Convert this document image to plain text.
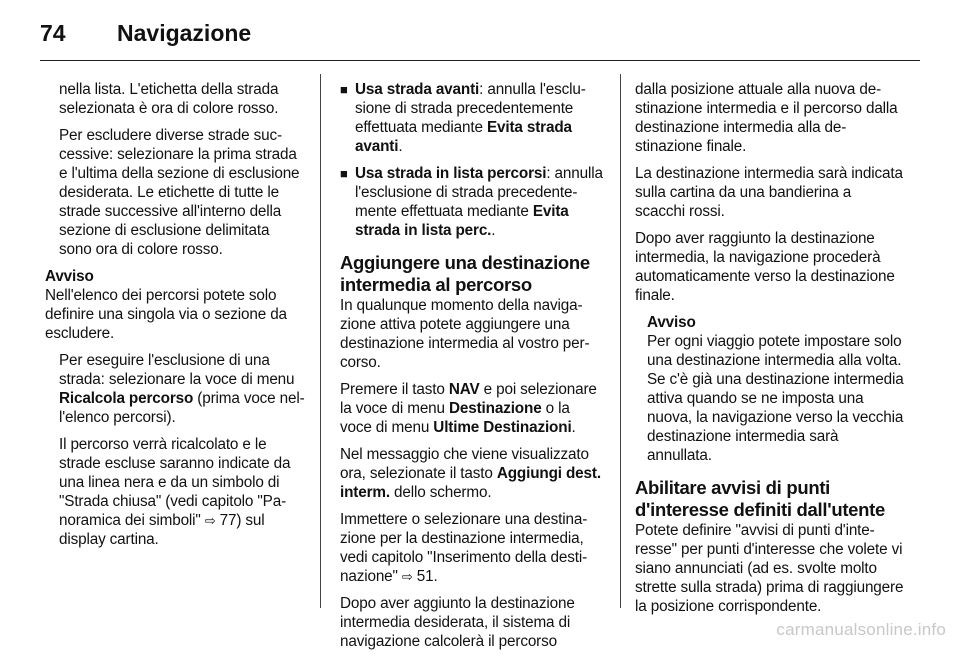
74 Navigazione

nella lista. L'etichetta della strada selezionata è ora di colore rosso.

Per escludere diverse strade successive: selezionare la prima strada e l'ultima della sezione di esclusione desiderata. Le etichette di tutte le strade successive all'interno della sezione di esclusione delimitata sono ora di colore rosso.

Avviso

Nell'elenco dei percorsi potete solo definire una singola via o sezione da escludere.

Per eseguire l'esclusione di una strada: selezionare la voce di menu Ricalcola percorso (prima voce nell'elenco percorsi).

Il percorso verrà ricalcolato e le strade escluse saranno indicate da una linea nera e da un simbolo di "Strada chiusa" (vedi capitolo "Panoramica dei simboli" ⇨ 77) sul display cartina.

■ Usa strada avanti: annulla l'esclusione di strada precedentemente effettuata mediante Evita strada avanti.

■ Usa strada in lista percorsi: annulla l'esclusione di strada precedentemente effettuata mediante Evita strada in lista perc..

Aggiungere una destinazione intermedia al percorso

In qualunque momento della navigazione attiva potete aggiungere una destinazione intermedia al vostro percorso.

Premere il tasto NAV e poi selezionare la voce di menu Destinazione o la voce di menu Ultime Destinazioni.

Nel messaggio che viene visualizzato ora, selezionate il tasto Aggiungi dest. interm. dello schermo.

Immettere o selezionare una destinazione per la destinazione intermedia, vedi capitolo "Inserimento della destinazione" ⇨ 51.

Dopo aver aggiunto la destinazione intermedia desiderata, il sistema di navigazione calcolerà il percorso

dalla posizione attuale alla nuova destinazione intermedia e il percorso dalla destinazione intermedia alla destinazione finale.

La destinazione intermedia sarà indicata sulla cartina da una bandierina a scacchi rossi.

Dopo aver raggiunto la destinazione intermedia, la navigazione procederà automaticamente verso la destinazione finale.

Avviso

Per ogni viaggio potete impostare solo una destinazione intermedia alla volta. Se c'è già una destinazione intermedia attiva quando se ne imposta una nuova, la navigazione verso la vecchia destinazione intermedia sarà annullata.

Abilitare avvisi di punti d'interesse definiti dall'utente

Potete definire "avvisi di punti d'interesse" per punti d'interesse che volete vi siano annunciati (ad es. svolte molto strette sulla strada) prima di raggiungere la posizione corrispondente.

carmanualsonline.info
